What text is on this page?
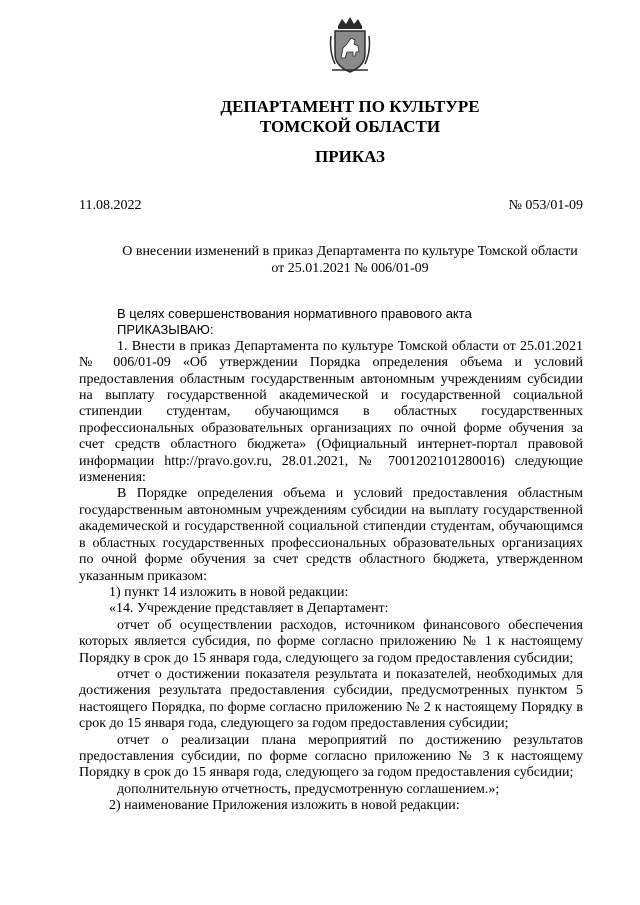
ДЕПАРТАМЕНТ ПО КУЛЬТУРЕ
ТОМСКОЙ ОБЛАСТИ
ПРИКАЗ
11.08.2022	№ 053/01-09
О внесении изменений в приказ Департамента по культуре Томской области
от 25.01.2021 № 006/01-09

В целях совершенствования нормативного правового акта

ПРИКАЗЫВАЮ:

1. Внести в приказ Департамента по культуре Томской области от 25.01.2021 № 006/01-09 «Об утверждении Порядка определения объема и условий предоставления областным государственным автономным учреждениям субсидии на выплату государственной академической и государственной социальной стипендии студентам, обучающимся в областных государственных профессиональных образовательных организациях по очной форме обучения за счет средств областного бюджета» (Официальный интернет-портал правовой информации http://pravo.gov.ru, 28.01.2021, № 7001202101280016) следующие изменения:

В Порядке определения объема и условий предоставления областным государственным автономным учреждениям субсидии на выплату государственной академической и государственной социальной стипендии студентам, обучающимся в областных государственных профессиональных образовательных организациях по очной форме обучения за счет средств областного бюджета, утвержденном указанным приказом:

1) пункт 14 изложить в новой редакции:

«14. Учреждение представляет в Департамент:

отчет об осуществлении расходов, источником финансового обеспечения которых является субсидия, по форме согласно приложению № 1 к настоящему Порядку в срок до 15 января года, следующего за годом предоставления субсидии;

отчет о достижении показателя результата и показателей, необходимых для достижения результата предоставления субсидии, предусмотренных пунктом 5 настоящего Порядка, по форме согласно приложению № 2 к настоящему Порядку в срок до 15 января года, следующего за годом предоставления субсидии;

отчет о реализации плана мероприятий по достижению результатов предоставления субсидии, по форме согласно приложению № 3 к настоящему Порядку в срок до 15 января года, следующего за годом предоставления субсидии;

дополнительную отчетность, предусмотренную соглашением.»;

2) наименование Приложения изложить в новой редакции:
